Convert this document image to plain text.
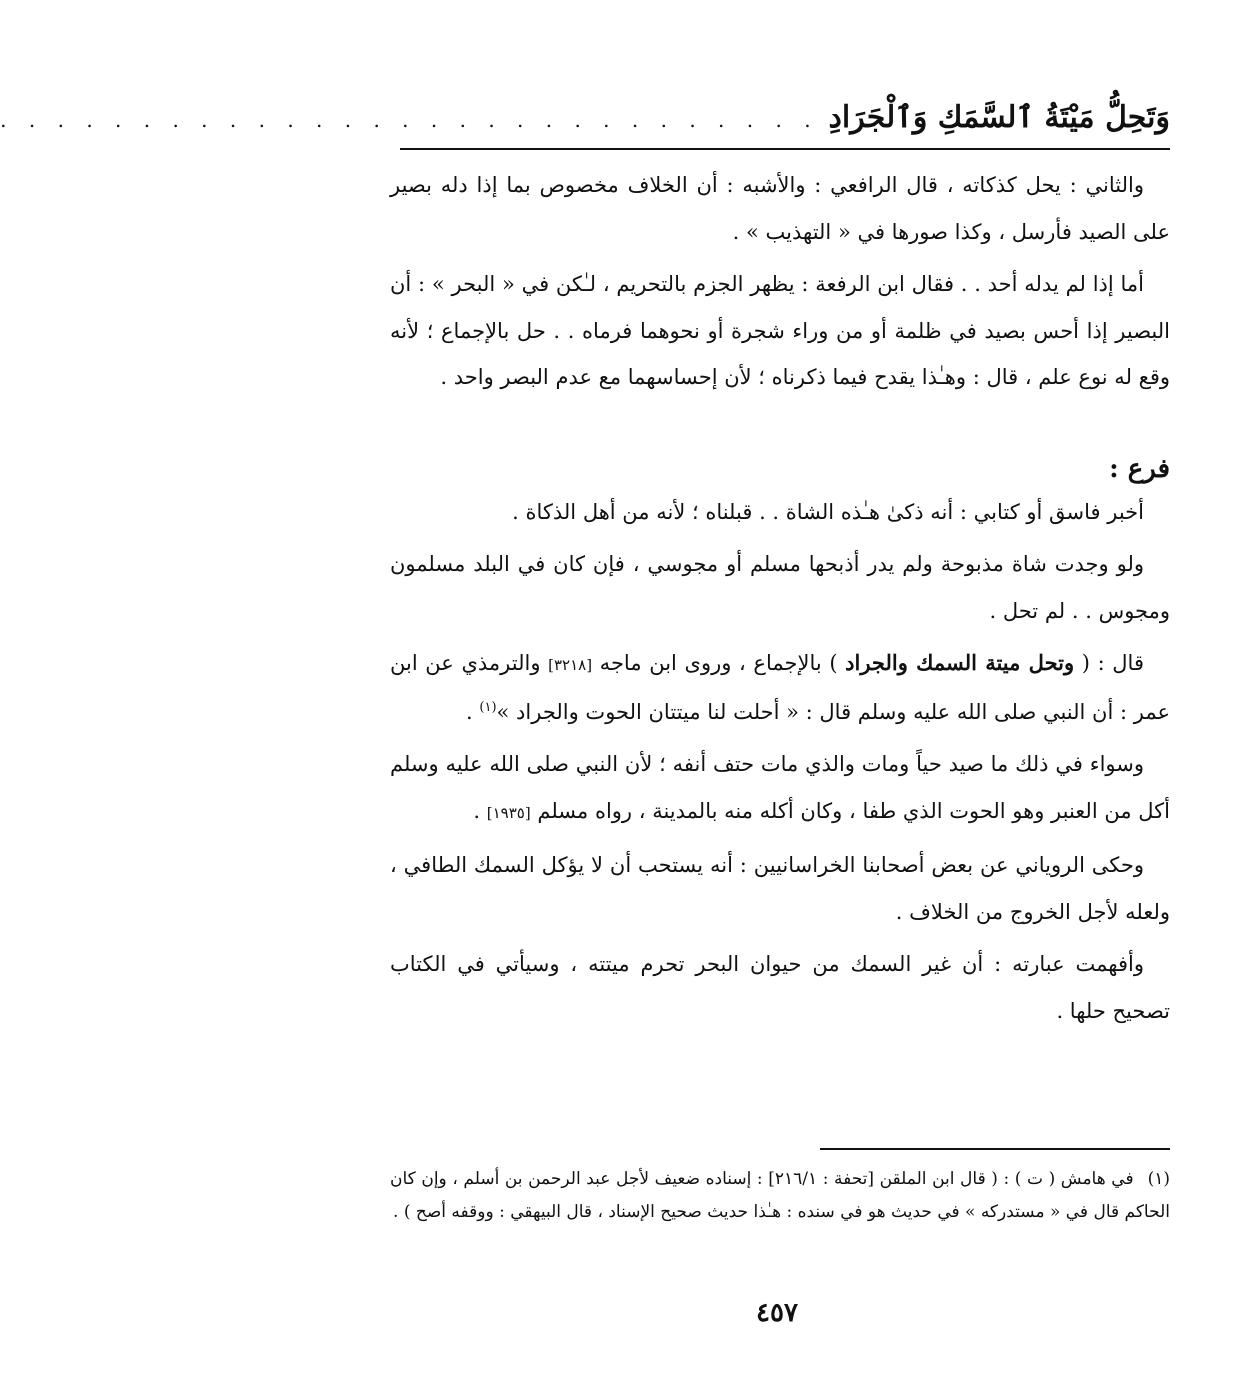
وَتَحِلُّ مَيْتَةُ ٱلسَّمَكِ وَٱلْجَرَادِ
. . . . . . . . . . . . . . . . . . . . . . . . . . . . .

والثاني : يحل كذكاته ، قال الرافعي : والأشبه : أن الخلاف مخصوص بما إذا دله بصير على الصيد فأرسل ، وكذا صورها في « التهذيب » .

أما إذا لم يدله أحد . . فقال ابن الرفعة : يظهر الجزم بالتحريم ، لـٰكن في « البحر » : أن البصير إذا أحس بصيد في ظلمة أو من وراء شجرة أو نحوهما فرماه . . حل بالإجماع ؛ لأنه وقع له نوع علم ، قال : وهـٰذا يقدح فيما ذكرناه ؛ لأن إحساسهما مع عدم البصر واحد .

فرع :

أخبر فاسق أو كتابي : أنه ذكىٰ هـٰذه الشاة . . قبلناه ؛ لأنه من أهل الذكاة .

ولو وجدت شاة مذبوحة ولم يدر أذبحها مسلم أو مجوسي ، فإن كان في البلد مسلمون ومجوس . . لم تحل .

قال : ( وتحل ميتة السمك والجراد ) بالإجماع ، وروى ابن ماجه [٣٢١٨] والترمذي عن ابن عمر : أن النبي صلى الله عليه وسلم قال : « أحلت لنا ميتتان الحوت والجراد »$^{(١)}$ .

وسواء في ذلك ما صيد حياً ومات والذي مات حتف أنفه ؛ لأن النبي صلى الله عليه وسلم أكل من العنبر وهو الحوت الذي طفا ، وكان أكله منه بالمدينة ، رواه مسلم [١٩٣٥] .

وحكى الروياني عن بعض أصحابنا الخراسانيين : أنه يستحب أن لا يؤكل السمك الطافي ، ولعله لأجل الخروج من الخلاف .

وأفهمت عبارته : أن غير السمك من حيوان البحر تحرم ميتته ، وسيأتي في الكتاب تصحيح حلها .

(١)في هامش ( ت ) : ( قال ابن الملقن [تحفة : ٢١٦/١] : إسناده ضعيف لأجل عبد الرحمن بن أسلم ، وإن كان الحاكم قال في « مستدركه » في حديث هو في سنده : هـٰذا حديث صحيح الإسناد ، قال البيهقي : ووقفه أصح ) .

٤٥٧
